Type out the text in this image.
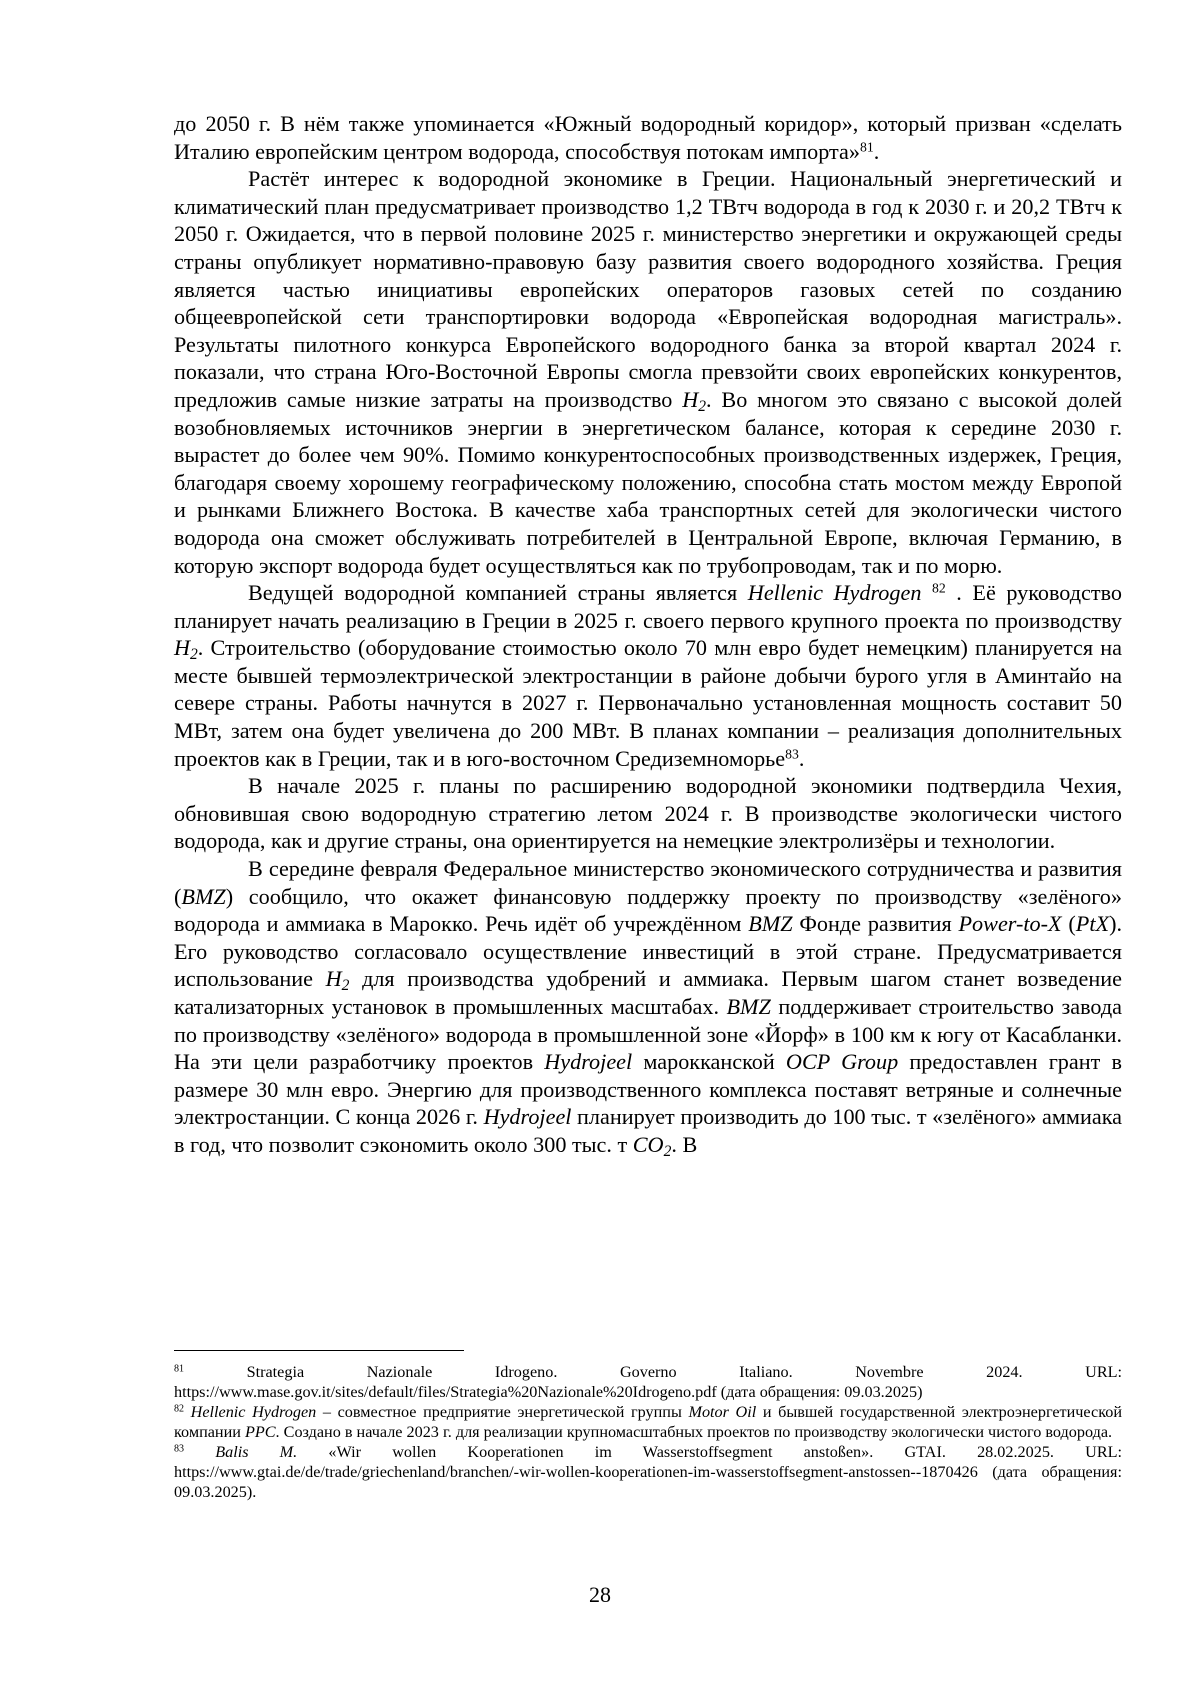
до 2050 г. В нём также упоминается «Южный водородный коридор», который призван «сделать Италию европейским центром водорода, способствуя потокам импорта»$^{81}$.

Растёт интерес к водородной экономике в Греции. Национальный энергетический и климатический план предусматривает производство 1,2 ТВтч водорода в год к 2030 г. и 20,2 ТВтч к 2050 г. Ожидается, что в первой половине 2025 г. министерство энергетики и окружающей среды страны опубликует нормативно-правовую базу развития своего водородного хозяйства. Греция является частью инициативы европейских операторов газовых сетей по созданию общеевропейской сети транспортировки водорода «Европейская водородная магистраль». Результаты пилотного конкурса Европейского водородного банка за второй квартал 2024 г. показали, что страна Юго-Восточной Европы смогла превзойти своих европейских конкурентов, предложив самые низкие затраты на производство $H_2$. Во многом это связано с высокой долей возобновляемых источников энергии в энергетическом балансе, которая к середине 2030 г. вырастет до более чем 90%. Помимо конкурентоспособных производственных издержек, Греция, благодаря своему хорошему географическому положению, способна стать мостом между Европой и рынками Ближнего Востока. В качестве хаба транспортных сетей для экологически чистого водорода она сможет обслуживать потребителей в Центральной Европе, включая Германию, в которую экспорт водорода будет осуществляться как по трубопроводам, так и по морю.

Ведущей водородной компанией страны является Hellenic Hydrogen $^{82}$ . Её руководство планирует начать реализацию в Греции в 2025 г. своего первого крупного проекта по производству $H_2$. Строительство (оборудование стоимостью около 70 млн евро будет немецким) планируется на месте бывшей термоэлектрической электростанции в районе добычи бурого угля в Аминтайо на севере страны. Работы начнутся в 2027 г. Первоначально установленная мощность составит 50 МВт, затем она будет увеличена до 200 МВт. В планах компании – реализация дополнительных проектов как в Греции, так и в юго-восточном Средиземноморье$^{83}$.

В начале 2025 г. планы по расширению водородной экономики подтвердила Чехия, обновившая свою водородную стратегию летом 2024 г. В производстве экологически чистого водорода, как и другие страны, она ориентируется на немецкие электролизёры и технологии.

В середине февраля Федеральное министерство экономического сотрудничества и развития (BMZ) сообщило, что окажет финансовую поддержку проекту по производству «зелёного» водорода и аммиака в Марокко. Речь идёт об учреждённом BMZ Фонде развития Power-to-X (PtX). Его руководство согласовало осуществление инвестиций в этой стране. Предусматривается использование $H_2$ для производства удобрений и аммиака. Первым шагом станет возведение катализаторных установок в промышленных масштабах. BMZ поддерживает строительство завода по производству «зелёного» водорода в промышленной зоне «Йорф» в 100 км к югу от Касабланки. На эти цели разработчику проектов Hydrojeel марокканской OCP Group предоставлен грант в размере 30 млн евро. Энергию для производственного комплекса поставят ветряные и солнечные электростанции. С конца 2026 г. Hydrojeel планирует производить до 100 тыс. т «зелёного» аммиака в год, что позволит сэкономить около 300 тыс. т $CO_2$. В

$^{81}$	Strategia Nazionale Idrogeno. Governo Italiano. Novembre 2024. URL:

https://www.mase.gov.it/sites/default/files/Strategia%20Nazionale%20Idrogeno.pdf (дата обращения: 09.03.2025)

$^{82}$ Hellenic Hydrogen – совместное предприятие энергетической группы Motor Oil и бывшей государственной электроэнергетической компании PPC. Создано в начале 2023 г. для реализации крупномасштабных проектов по производству экологически чистого водорода.

$^{83}$ Balis M. «Wir wollen Kooperationen im Wasserstoffsegment anstoßen». GTAI. 28.02.2025. URL: https://www.gtai.de/de/trade/griechenland/branchen/-wir-wollen-kooperationen-im-wasserstoffsegment-anstossen--1870426 (дата обращения: 09.03.2025).

28
